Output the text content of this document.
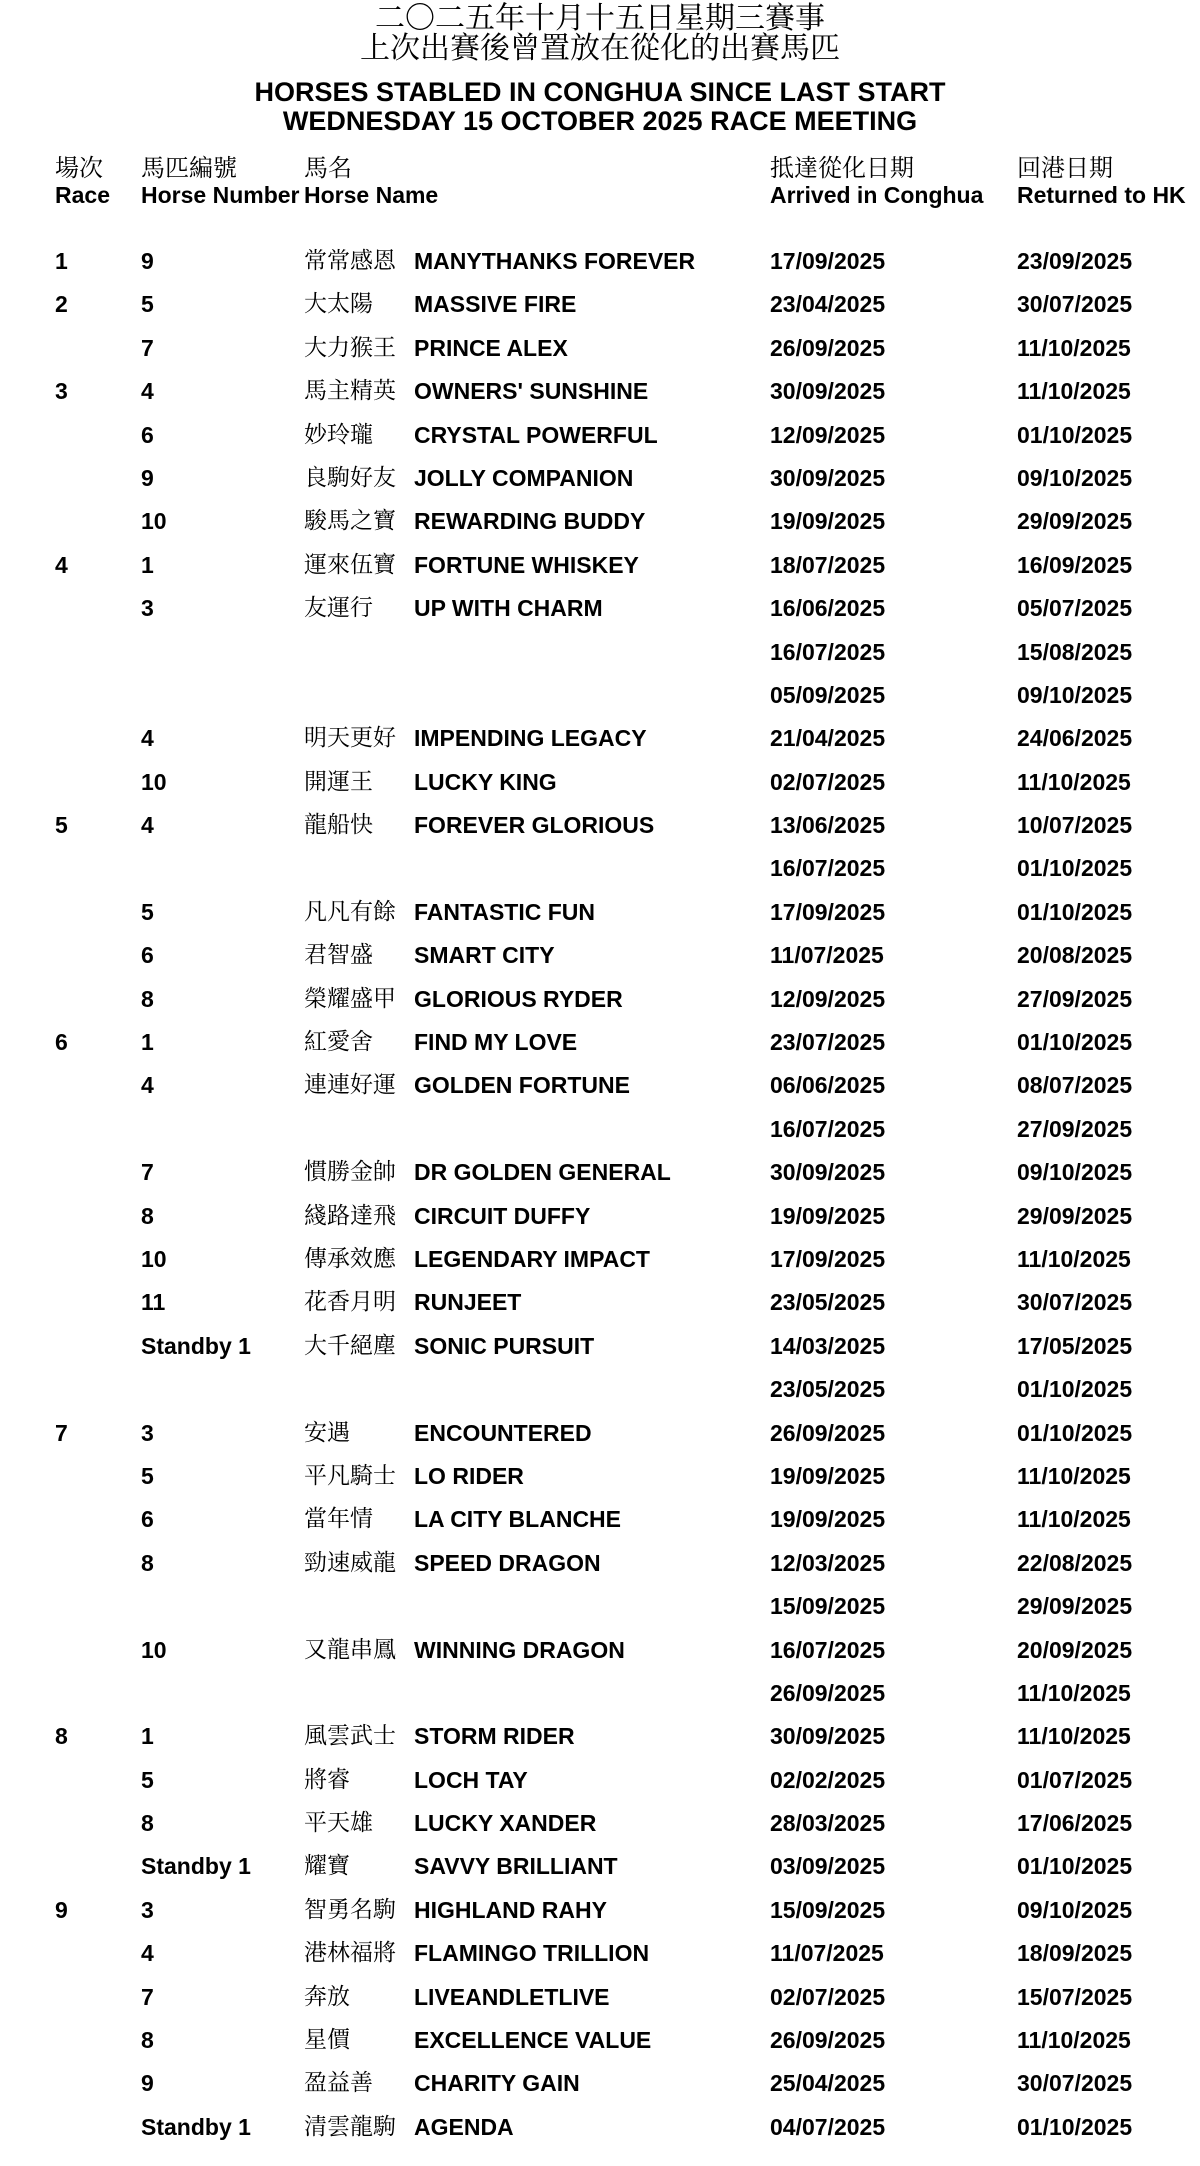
二〇二五年十月十五日星期三賽事
上次出賽後曾置放在從化的出賽馬匹
HORSES STABLED IN CONGHUA SINCE LAST START
WEDNESDAY 15 OCTOBER 2025 RACE MEETING
場次
Race
馬匹編號
Horse Number
馬名
Horse Name
抵達從化日期
Arrived in Conghua
回港日期
Returned to HK
1	9	常常感恩 MANYTHANKS FOREVER	17/09/2025	23/09/2025
2	5	大太陽 MASSIVE FIRE	23/04/2025	30/07/2025
7	大力猴王 PRINCE ALEX	26/09/2025	11/10/2025
3	4	馬主精英 OWNERS' SUNSHINE	30/09/2025	11/10/2025
6	妙玲瓏 CRYSTAL POWERFUL	12/09/2025	01/10/2025
9	良駒好友 JOLLY COMPANION	30/09/2025	09/10/2025
10	駿馬之寶 REWARDING BUDDY	19/09/2025	29/09/2025
4	1	運來伍寶 FORTUNE WHISKEY	18/07/2025	16/09/2025
3	友運行 UP WITH CHARM	16/06/2025	05/07/2025
16/07/2025	15/08/2025
05/09/2025	09/10/2025
4	明天更好 IMPENDING LEGACY	21/04/2025	24/06/2025
10	開運王 LUCKY KING	02/07/2025	11/10/2025
5	4	龍船快 FOREVER GLORIOUS	13/06/2025	10/07/2025
16/07/2025	01/10/2025
5	凡凡有餘 FANTASTIC FUN	17/09/2025	01/10/2025
6	君智盛 SMART CITY	11/07/2025	20/08/2025
8	榮耀盛甲 GLORIOUS RYDER	12/09/2025	27/09/2025
6	1	紅愛舍 FIND MY LOVE	23/07/2025	01/10/2025
4	連連好運 GOLDEN FORTUNE	06/06/2025	08/07/2025
16/07/2025	27/09/2025
7	慣勝金帥 DR GOLDEN GENERAL	30/09/2025	09/10/2025
8	綫路達飛 CIRCUIT DUFFY	19/09/2025	29/09/2025
10	傳承效應 LEGENDARY IMPACT	17/09/2025	11/10/2025
11	花香月明 RUNJEET	23/05/2025	30/07/2025
Standby 1 大千絕塵 SONIC PURSUIT	14/03/2025	17/05/2025
23/05/2025	01/10/2025
7	3	安遇	ENCOUNTERED	26/09/2025	01/10/2025
5	平凡騎士 LO RIDER	19/09/2025	11/10/2025
6	當年情 LA CITY BLANCHE	19/09/2025	11/10/2025
8	勁速威龍 SPEED DRAGON	12/03/2025	22/08/2025
15/09/2025	29/09/2025
10	又龍串鳳 WINNING DRAGON	16/07/2025	20/09/2025
26/09/2025	11/10/2025
8	1	風雲武士 STORM RIDER	30/09/2025	11/10/2025
5	將睿	LOCH TAY	02/02/2025	01/07/2025
8	平天雄 LUCKY XANDER	28/03/2025	17/06/2025
Standby 1 耀寶	SAVVY BRILLIANT	03/09/2025	01/10/2025
9	3	智勇名駒 HIGHLAND RAHY	15/09/2025	09/10/2025
4	港林福將 FLAMINGO TRILLION	11/07/2025	18/09/2025
7	奔放	LIVEANDLETLIVE	02/07/2025	15/07/2025
8	星價	EXCELLENCE VALUE	26/09/2025	11/10/2025
9	盈益善 CHARITY GAIN	25/04/2025	30/07/2025
Standby 1 清雲龍駒 AGENDA	04/07/2025	01/10/2025
